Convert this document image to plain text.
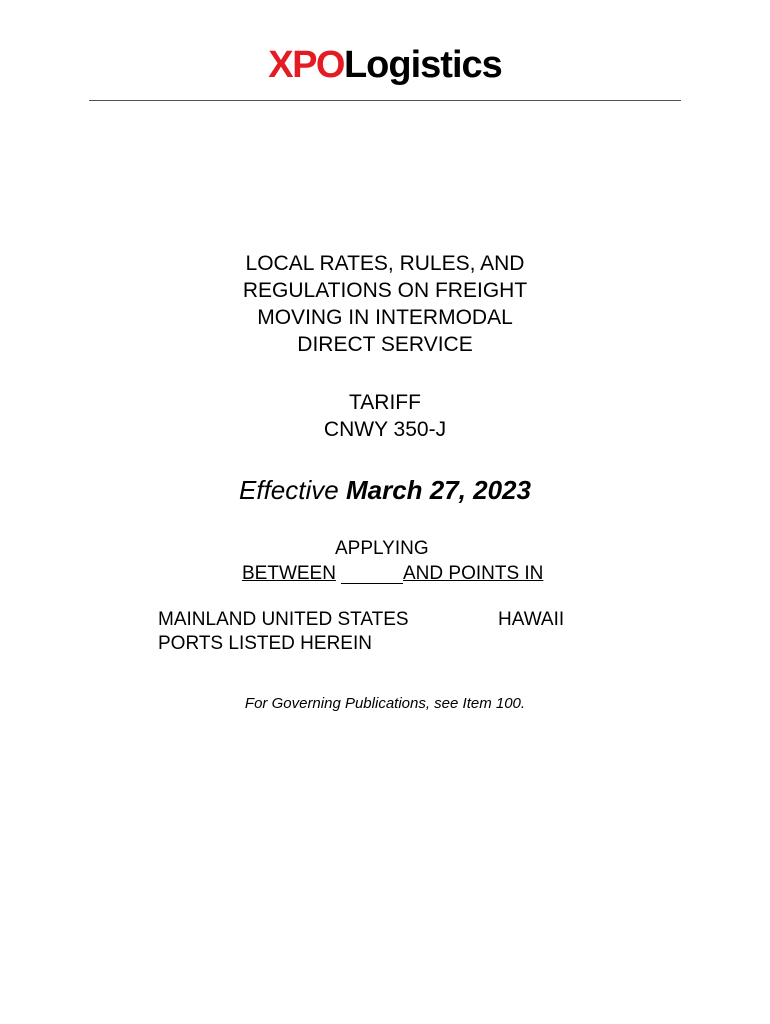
XPOLogistics
LOCAL RATES, RULES, AND
REGULATIONS ON FREIGHT
MOVING IN INTERMODAL
DIRECT SERVICE
TARIFF
CNWY 350-J
Effective March 27, 2023
APPLYING
BETWEEN	AND POINTS IN
MAINLAND UNITED STATES
PORTS LISTED HEREIN
HAWAII
For Governing Publications, see Item 100.
